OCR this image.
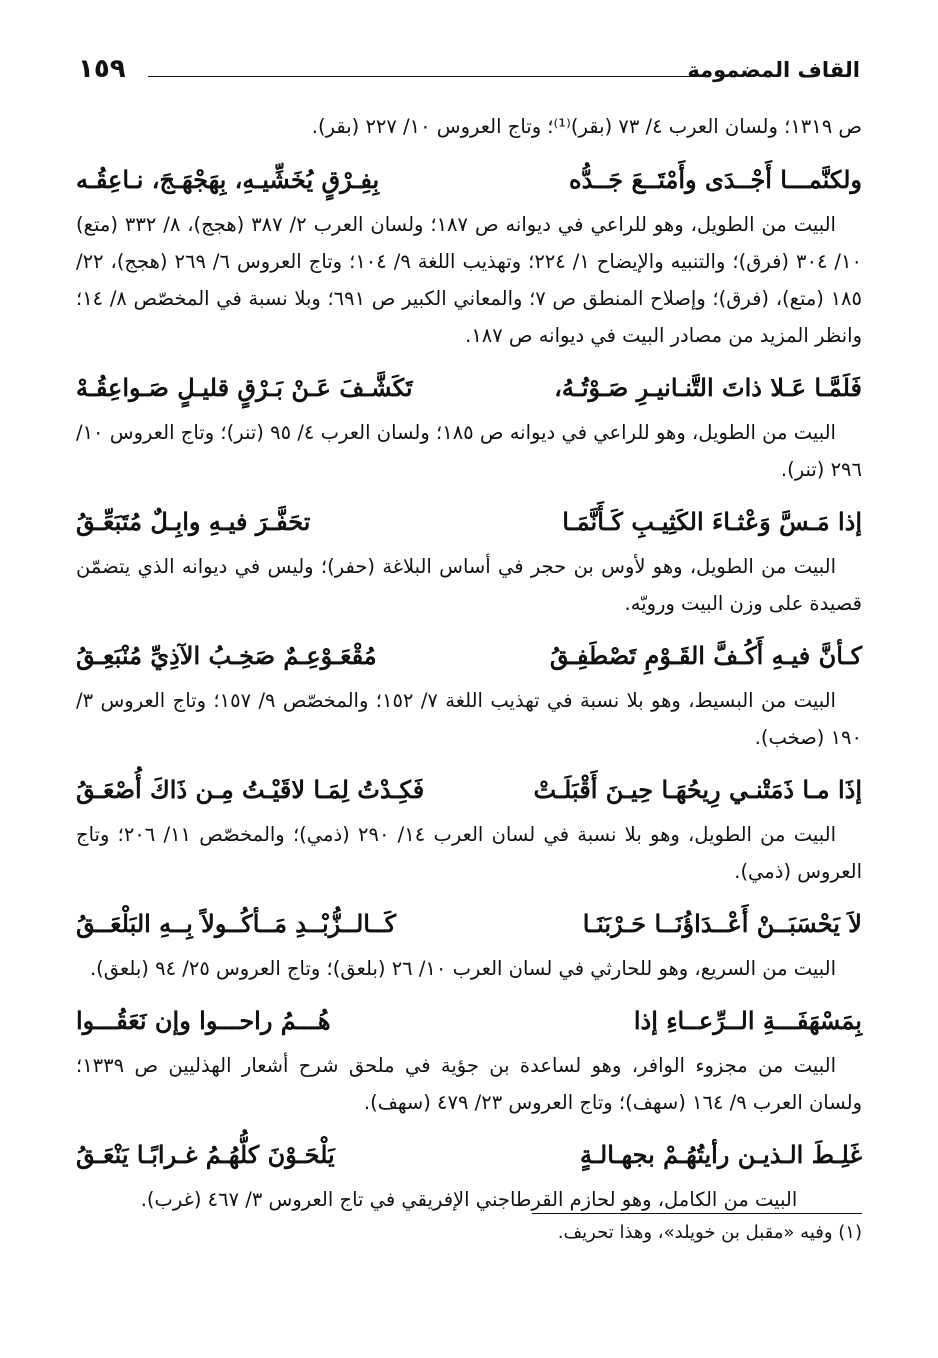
القاف المضمومة
١٥٩

ص ١٣١٩؛ ولسان العرب ٤/ ٧٣ (بقر)⁽¹⁾؛ وتاج العروس ١٠/ ٢٢٧ (بقر).

ولكنَّمـــا أَجْــدَى وأَمْتَــعَ جَــدُّه
بِفِـرْقٍ يُخَشِّيـهِ، بِهَجْهَـجَ، نـاعِقُـه

البيت من الطويل، وهو للراعي في ديوانه ص ١٨٧؛ ولسان العرب ٢/ ٣٨٧ (هجج)، ٨/ ٣٣٢ (متع) ١٠/ ٣٠٤ (فرق)؛ والتنبيه والإيضاح ١/ ٢٢٤؛ وتهذيب اللغة ٩/ ١٠٤؛ وتاج العروس ٦/ ٢٦٩ (هجج)، ٢٢/ ١٨٥ (متع)، (فرق)؛ وإصلاح المنطق ص ٧؛ والمعاني الكبير ص ٦٩١؛ وبلا نسبة في المخصّص ٨/ ١٤؛ وانظر المزيد من مصادر البيت في ديوانه ص ١٨٧.

فَلَمَّـا عَـلا ذاتَ التَّنـانيـرِ صَـوْتُـهُ،
تَكَشَّـفَ عَـنْ بَـرْقٍ قليـلٍ صَـواعِقُـهْ

البيت من الطويل، وهو للراعي في ديوانه ص ١٨٥؛ ولسان العرب ٤/ ٩٥ (تنر)؛ وتاج العروس ١٠/ ٢٩٦ (تنر).

إذا مَـسَّ وَعْثـاءَ الكَثِيـبِ كَـأَنَّمَـا
تحَفَّـرَ فيـهِ وابِـلٌ مُتَبَعِّـقُ

البيت من الطويل، وهو لأوس بن حجر في أساس البلاغة (حفر)؛ وليس في ديوانه الذي يتضمّن قصيدة على وزن البيت ورويّه.

كـأنَّ فيـهِ أَكُـفَّ القَـوْمِ تَصْطَفِـقُ
مُقْعَـوْعِـمٌ صَخِـبُ الآذِيِّ مُنْبَعِـقُ

البيت من البسيط، وهو بلا نسبة في تهذيب اللغة ٧/ ١٥٢؛ والمخصّص ٩/ ١٥٧؛ وتاج العروس ٣/ ١٩٠ (صخب).

إذَا مـا ذَمَتْنـي رِيحُهَـا حِيـنَ أَقْبَلَـتْ
فَكِـدْتُ لِمَـا لاقَيْـتُ مِـن ذَاكَ أُصْعَـقُ

البيت من الطويل، وهو بلا نسبة في لسان العرب ١٤/ ٢٩٠ (ذمي)؛ والمخصّص ١١/ ٢٠٦؛ وتاج العروس (ذمي).

لاَ يَحْسَبَــنْ أَعْــدَاؤُنَــا حَـرْبَنَـا
كَــالــزُّبْــدِ مَــأكُــولاً بِــهِ البَلْعَــقُ

البيت من السريع، وهو للحارثي في لسان العرب ١٠/ ٢٦ (بلعق)؛ وتاج العروس ٢٥/ ٩٤ (بلعق).

بِمَسْهَفَـــةِ الــرِّعــاءِ إذا
هُـــمُ راحـــوا وإن نَعَقُـــوا

البيت من مجزوء الوافر، وهو لساعدة بن جؤية في ملحق شرح أشعار الهذليين ص ١٣٣٩؛ ولسان العرب ٩/ ١٦٤ (سهف)؛ وتاج العروس ٢٣/ ٤٧٩ (سهف).

غَلِـطَ الـذيـن رأيتُهُـمْ بجهـالـةٍ
يَلْحَـوْنَ كلُّهُـمُ غـرابًـا يَنْعَـقُ

البيت من الكامل، وهو لحازم القرطاجني الإفريقي في تاج العروس ٣/ ٤٦٧ (غرب).

(١) وفيه «مقبل بن خويلد»، وهذا تحريف.
